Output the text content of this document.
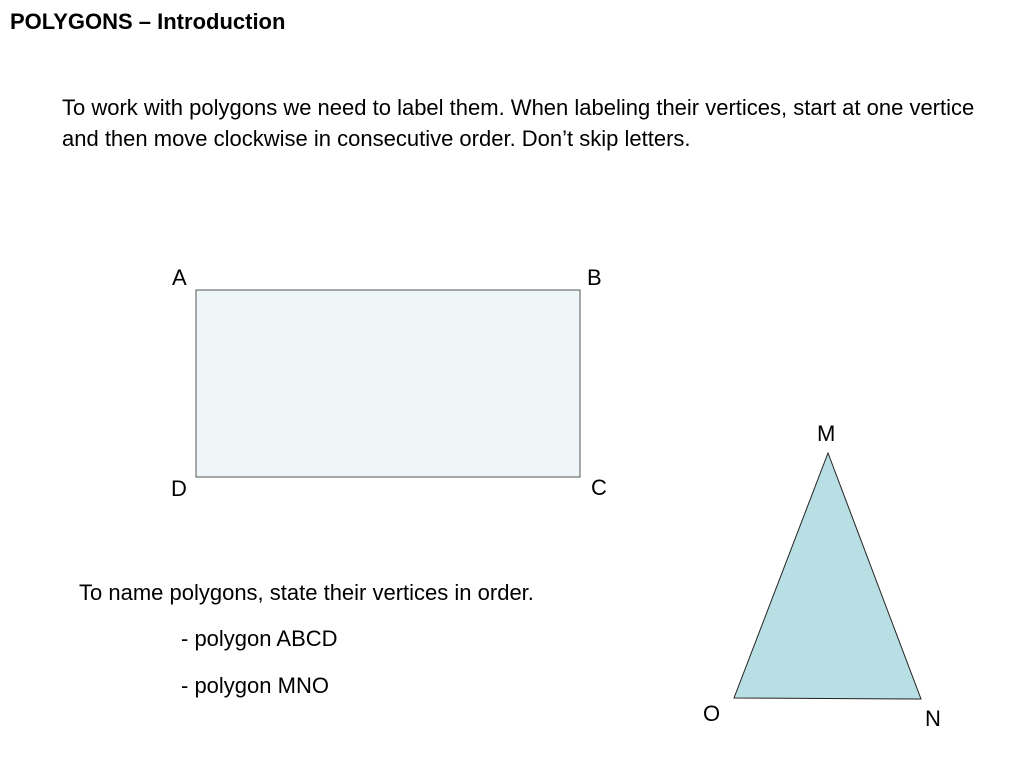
POLYGONS – Introduction

To work with polygons we need to label them. When labeling their vertices, start at one vertice and then move clockwise in consecutive order. Don’t skip letters.

A	B
C
D
M
N
O

To name polygons, state their vertices in order.

- polygon ABCD

- polygon MNO
